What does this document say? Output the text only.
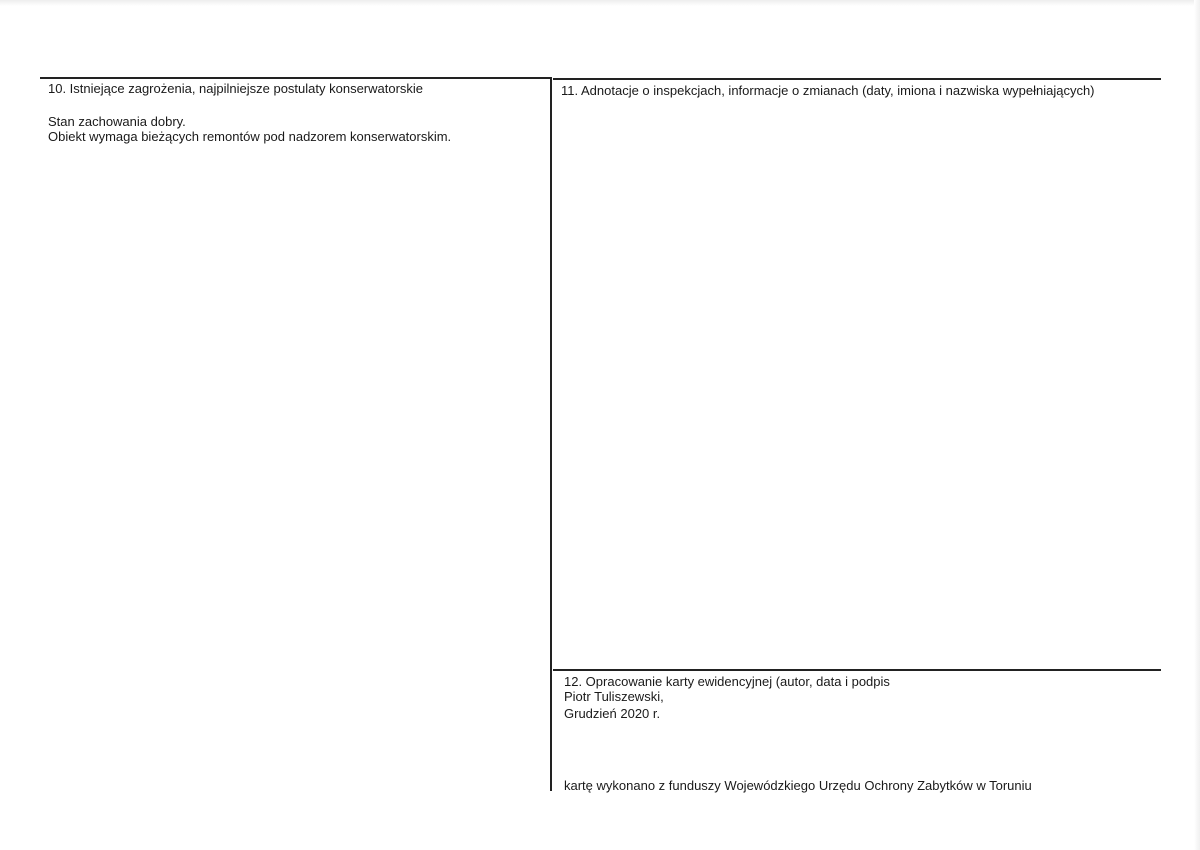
10. Istniejące zagrożenia, najpilniejsze postulaty konserwatorskie
Stan zachowania dobry.
Obiekt wymaga bieżących remontów pod nadzorem konserwatorskim.
11. Adnotacje o inspekcjach, informacje o zmianach (daty, imiona i nazwiska wypełniających)
12. Opracowanie karty ewidencyjnej (autor, data i podpis
Piotr Tuliszewski,
Grudzień 2020 r.
kartę wykonano z funduszy Wojewódzkiego Urzędu Ochrony Zabytków w Toruniu
